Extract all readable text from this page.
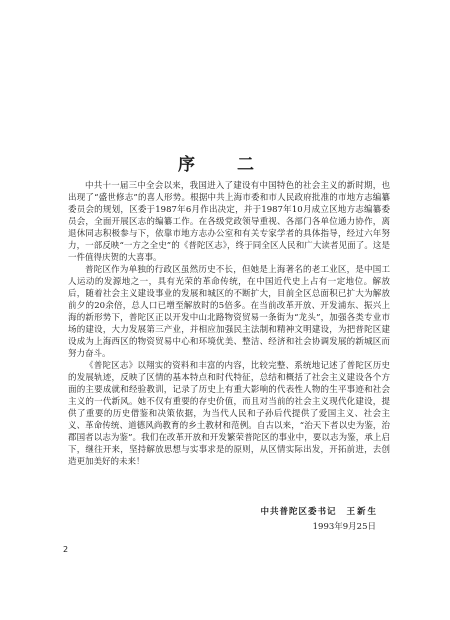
序 二

中共十一届三中全会以来，我国进入了建设有中国特色的社会主义的新时期，也出现了“盛世修志”的喜人形势。根据中共上海市委和市人民政府批准的市地方志编纂委员会的规划，区委于1987年6月作出决定，并于1987年10月成立区地方志编纂委员会，全面开展区志的编纂工作。在各级党政领导重视、各部门各单位通力协作，离退休同志积极参与下，依靠市地方志办公室和有关专家学者的具体指导，经过六年努力，一部反映“一方之全史”的《普陀区志》，终于同全区人民和广大读者见面了。这是一件值得庆贺的大喜事。

普陀区作为单独的行政区虽然历史不长，但她是上海著名的老工业区，是中国工人运动的发源地之一，具有光荣的革命传统，在中国近代史上占有一定地位。解放后，随着社会主义建设事业的发展和城区的不断扩大，目前全区总面积已扩大为解放前夕的20余倍，总人口已增至解放时的5倍多。在当前改革开放、开发浦东、振兴上海的新形势下，普陀区正以开发中山北路物资贸易一条街为“龙头”，加强各类专业市场的建设，大力发展第三产业，并相应加强民主法制和精神文明建设，为把普陀区建设成为上海西区的物资贸易中心和环境优美、整洁、经济和社会协调发展的新城区而努力奋斗。

《普陀区志》以翔实的资料和丰富的内容，比较完整、系统地记述了普陀区历史的发展轨迹，反映了区情的基本特点和时代特征，总结和概括了社会主义建设各个方面的主要成就和经验教训，记录了历史上有重大影响的代表性人物的生平事迹和社会主义的一代新风。她不仅有重要的存史价值，而且对当前的社会主义现代化建设，提供了重要的历史借鉴和决策依据，为当代人民和子孙后代提供了爱国主义、社会主义、革命传统、道德风尚教育的乡土教材和范例。自古以来，“治天下者以史为鉴，治郡国者以志为鉴”。我们在改革开放和开发繁荣普陀区的事业中，要以志为鉴，承上启下，继往开来，坚持解放思想与实事求是的原则，从区情实际出发，开拓前进，去创造更加美好的未来！

中共普陀区委书记 王新生
1993年9月25日
2
